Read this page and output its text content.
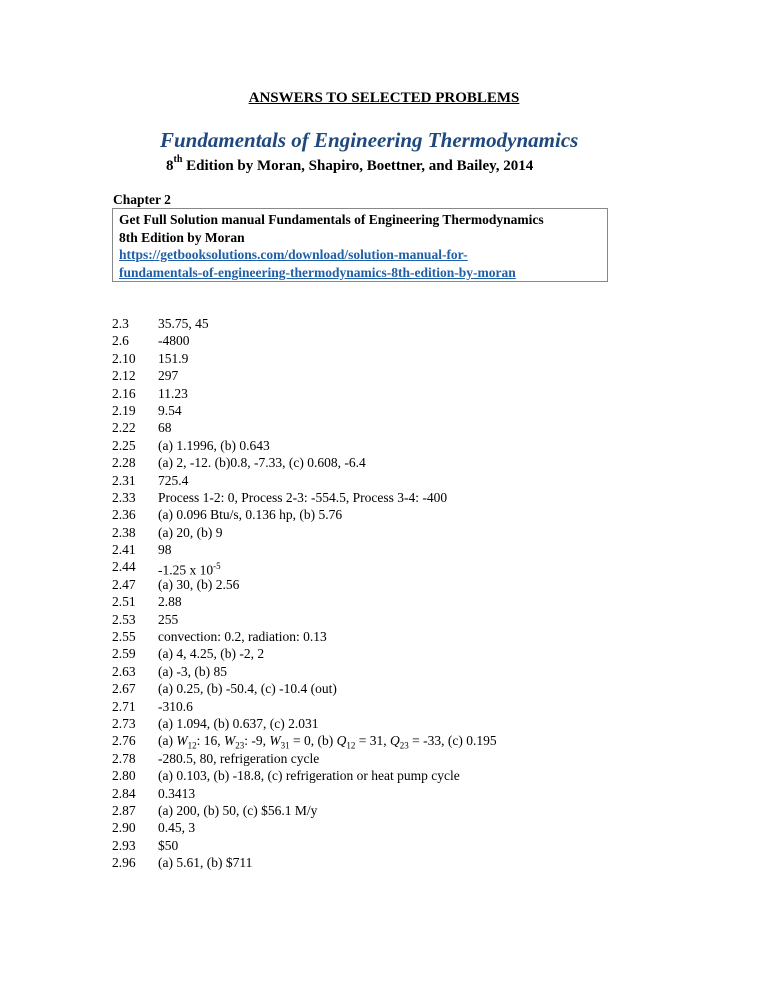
ANSWERS TO SELECTED PROBLEMS
Fundamentals of Engineering Thermodynamics
8th Edition by Moran, Shapiro, Boettner, and Bailey, 2014
Chapter 2
Get Full Solution manual Fundamentals of Engineering Thermodynamics
8th Edition by Moran
https://getbooksolutions.com/download/solution-manual-for-
fundamentals-of-engineering-thermodynamics-8th-edition-by-moran
2.3	35.75, 45
2.6	-4800
2.10	151.9
2.12	297
2.16	11.23
2.19	9.54
2.22	68
2.25	(a) 1.1996, (b) 0.643
2.28	(a) 2, -12. (b)0.8, -7.33, (c) 0.608, -6.4
2.31	725.4
2.33	Process 1-2: 0, Process 2-3: -554.5, Process 3-4: -400
2.36	(a) 0.096 Btu/s, 0.136 hp, (b) 5.76
2.38	(a) 20, (b) 9
2.41	98
2.44	-1.25 x $10^{-5}$
2.47	(a) 30, (b) 2.56
2.51	2.88
2.53	255
2.55	convection: 0.2, radiation: 0.13
2.59	(a) 4, 4.25, (b) -2, 2
2.63	(a) -3, (b) 85
2.67	(a) 0.25, (b) -50.4, (c) -10.4 (out)
2.71	-310.6
2.73	(a) 1.094, (b) 0.637, (c) 2.031
2.76	(a) $W_{12}$: 16, $W_{23}$: -9, $W_{31} = 0$, (b) $Q_{12} = 31$, $Q_{23} = -33$, (c) 0.195
2.78	-280.5, 80, refrigeration cycle
2.80	(a) 0.103, (b) -18.8, (c) refrigeration or heat pump cycle
2.84	0.3413
2.87	(a) 200, (b) 50, (c) $56.1 M/y
2.90	0.45, 3
2.93	$50
2.96	(a) 5.61, (b) $711
